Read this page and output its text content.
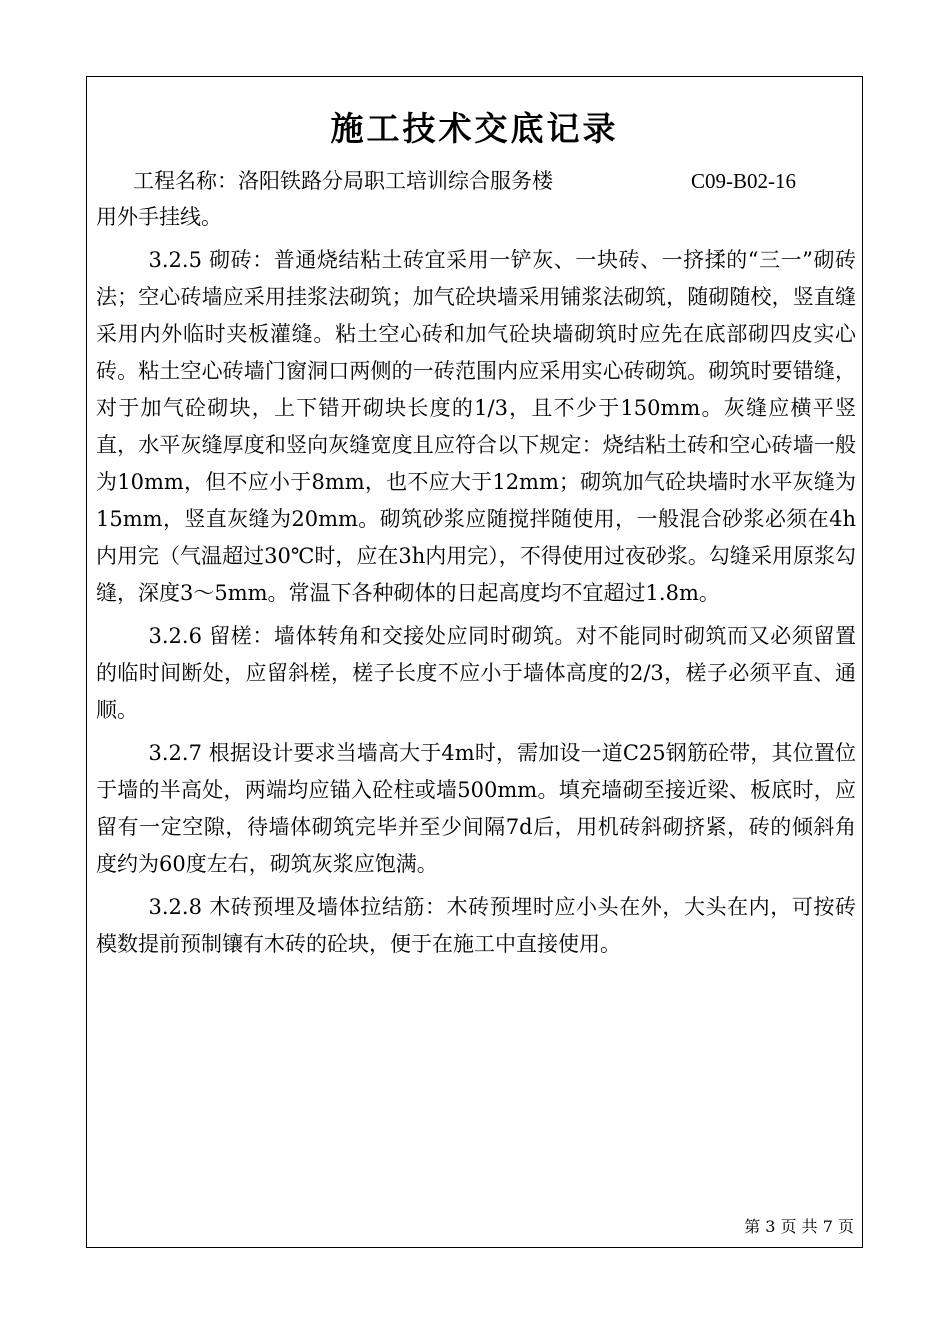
施工技术交底记录
工程名称：洛阳铁路分局职工培训综合服务楼	C09-B02-16

用外手挂线。

3.2.5 砌砖：普通烧结粘土砖宜采用一铲灰、一块砖、一挤揉的“三一”砌砖法；空心砖墙应采用挂浆法砌筑；加气砼块墙采用铺浆法砌筑，随砌随校，竖直缝采用内外临时夹板灌缝。粘土空心砖和加气砼块墙砌筑时应先在底部砌四皮实心砖。粘土空心砖墙门窗洞口两侧的一砖范围内应采用实心砖砌筑。砌筑时要错缝，对于加气砼砌块，上下错开砌块长度的1/3，且不少于150mm。灰缝应横平竖直，水平灰缝厚度和竖向灰缝宽度且应符合以下规定：烧结粘土砖和空心砖墙一般为10mm，但不应小于8mm，也不应大于12mm；砌筑加气砼块墙时水平灰缝为15mm，竖直灰缝为20mm。砌筑砂浆应随搅拌随使用，一般混合砂浆必须在4h内用完（气温超过30℃时，应在3h内用完），不得使用过夜砂浆。勾缝采用原浆勾缝，深度3～5mm。常温下各种砌体的日起高度均不宜超过1.8m。

3.2.6 留槎：墙体转角和交接处应同时砌筑。对不能同时砌筑而又必须留置的临时间断处，应留斜槎，槎子长度不应小于墙体高度的2/3，槎子必须平直、通顺。

3.2.7 根据设计要求当墙高大于4m时，需加设一道C25钢筋砼带，其位置位于墙的半高处，两端均应锚入砼柱或墙500mm。填充墙砌至接近梁、板底时，应留有一定空隙，待墙体砌筑完毕并至少间隔7d后，用机砖斜砌挤紧，砖的倾斜角度约为60度左右，砌筑灰浆应饱满。

3.2.8 木砖预埋及墙体拉结筋：木砖预埋时应小头在外，大头在内，可按砖模数提前预制镶有木砖的砼块，便于在施工中直接使用。

第 3 页 共 7 页
